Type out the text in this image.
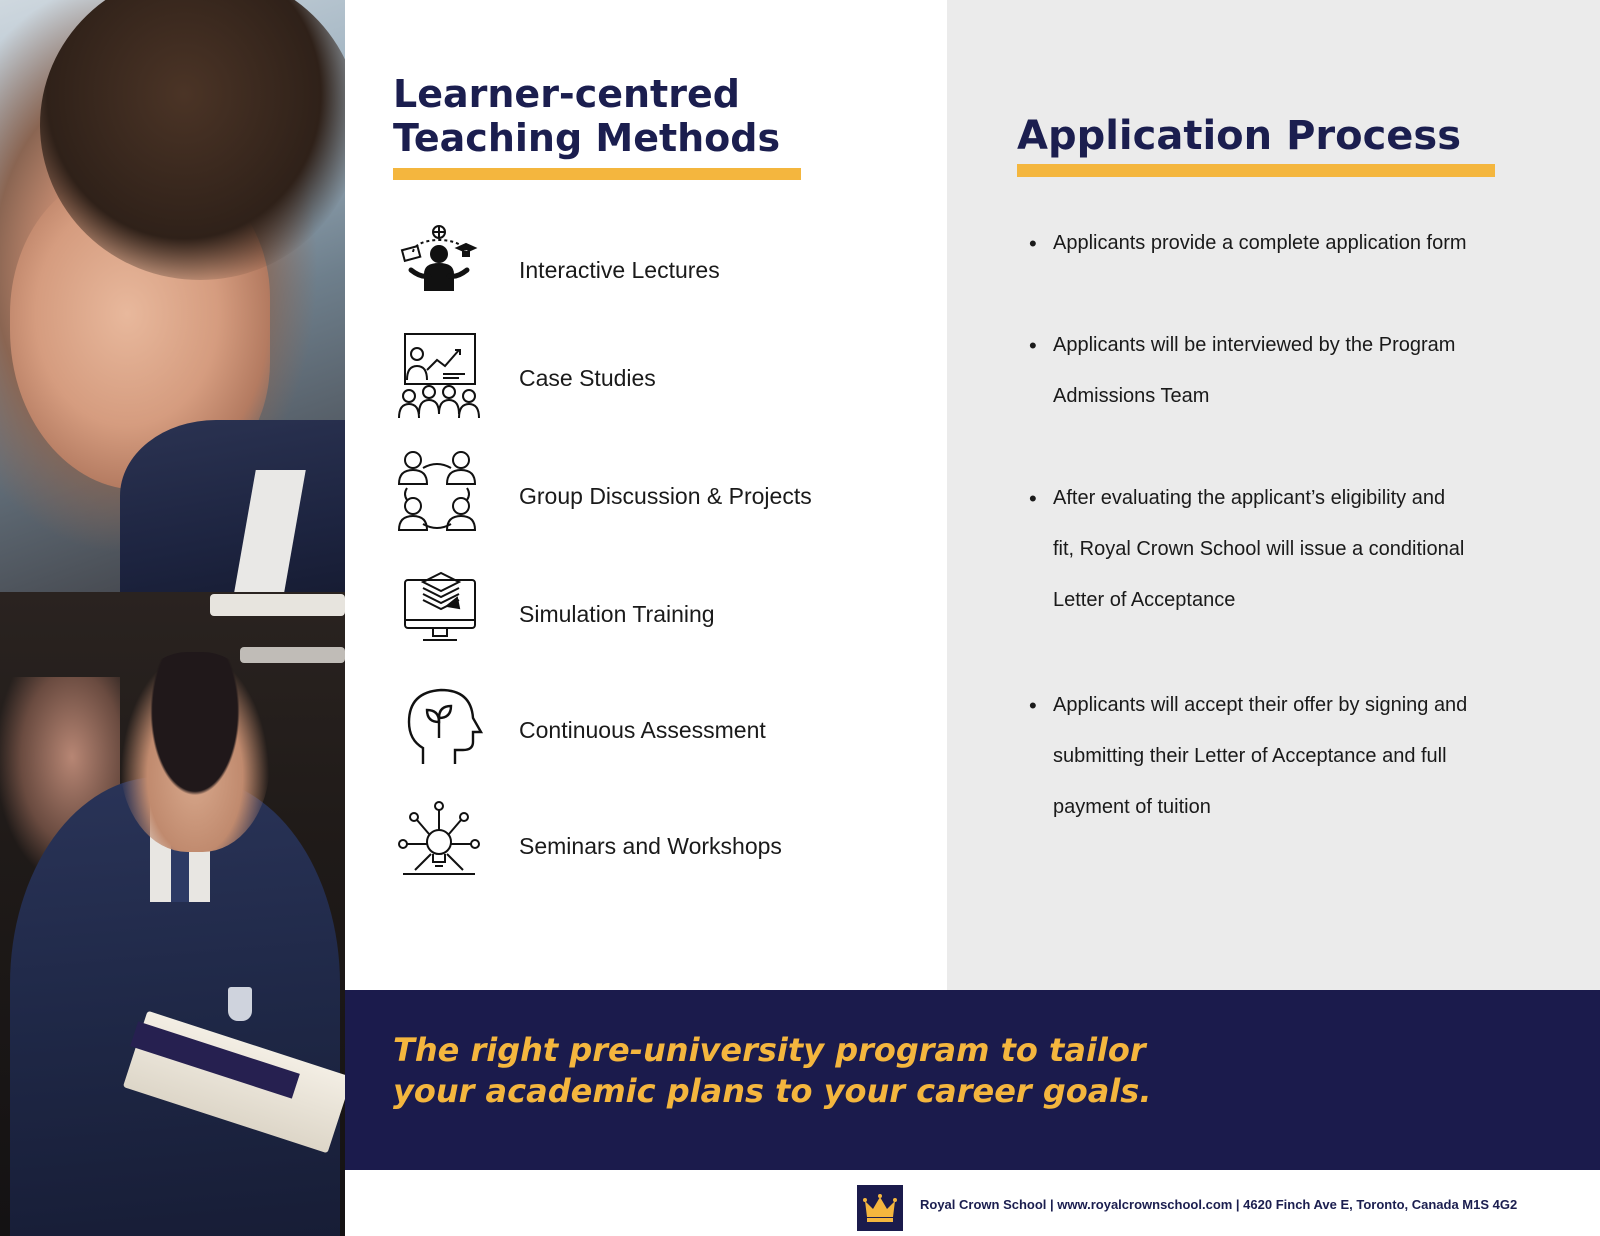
Learner-centred
Teaching Methods
Interactive Lectures
Case Studies
Group Discussion & Projects
Simulation Training
Continuous Assessment
Seminars and Workshops
Application Process
• Applicants provide a complete application form
• Applicants will be interviewed by the Program
Admissions Team
• After evaluating the applicant’s eligibility and
fit, Royal Crown School will issue a conditional
Letter of Acceptance
• Applicants will accept their offer by signing and
submitting their Letter of Acceptance and full
payment of tuition

The right pre-university program to tailor
your academic plans to your career goals.

Royal Crown School | www.royalcrownschool.com | 4620 Finch Ave E, Toronto, Canada M1S 4G2
